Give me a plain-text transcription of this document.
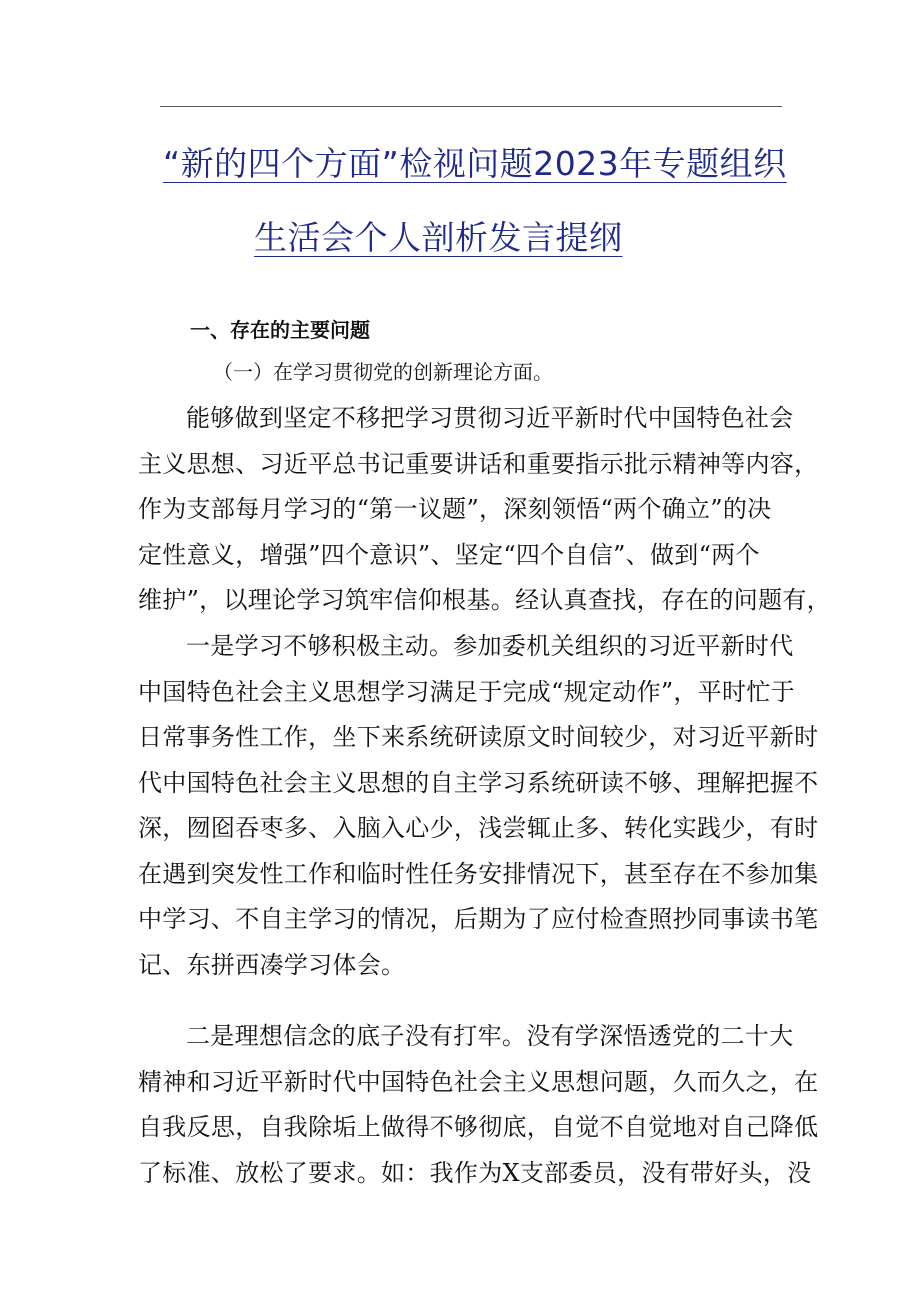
“新的四个方面”检视问题2023年专题组织
生活会个人剖析发言提纲
一、存在的主要问题
（一）在学习贯彻党的创新理论方面。
能够做到坚定不移把学习贯彻习近平新时代中国特色社会
主义思想、习近平总书记重要讲话和重要指示批示精神等内容，
作为支部每月学习的“第一议题”，深刻领悟“两个确立”的决
定性意义，增强”四个意识”、坚定“四个自信”、做到“两个
维护”，以理论学习筑牢信仰根基。经认真查找，存在的问题有，
一是学习不够积极主动。参加委机关组织的习近平新时代
中国特色社会主义思想学习满足于完成“规定动作”，平时忙于
日常事务性工作，坐下来系统研读原文时间较少，对习近平新时
代中国特色社会主义思想的自主学习系统研读不够、理解把握不
深，囫囵吞枣多、入脑入心少，浅尝辄止多、转化实践少，有时
在遇到突发性工作和临时性任务安排情况下，甚至存在不参加集
中学习、不自主学习的情况，后期为了应付检查照抄同事读书笔
记、东拼西凑学习体会。
二是理想信念的底子没有打牢。没有学深悟透党的二十大
精神和习近平新时代中国特色社会主义思想问题，久而久之，在
自我反思，自我除垢上做得不够彻底，自觉不自觉地对自己降低
了标准、放松了要求。如：我作为X支部委员，没有带好头，没
